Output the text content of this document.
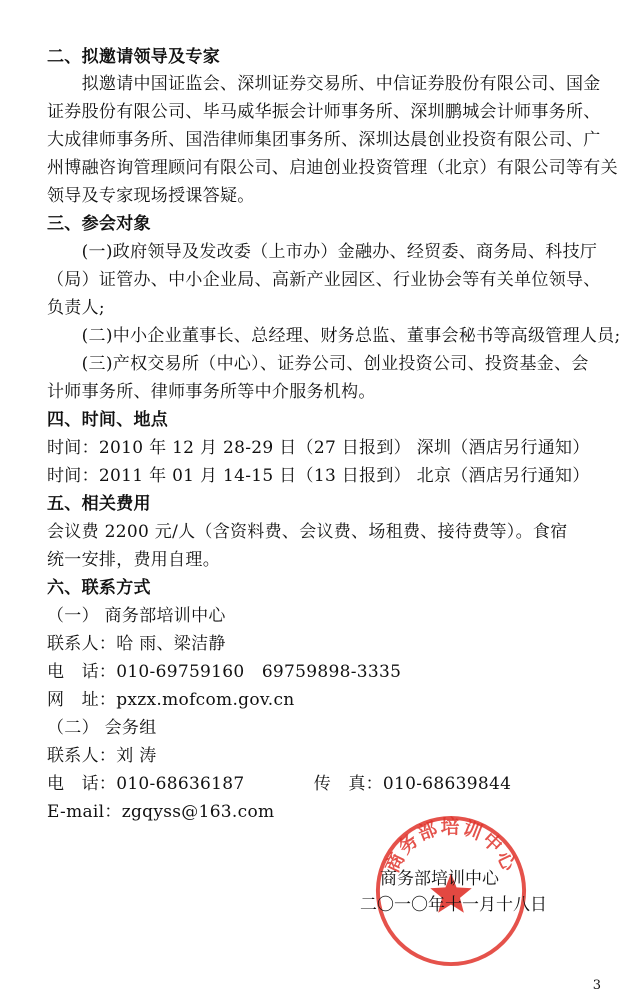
二、拟邀请领导及专家
　　拟邀请中国证监会、深圳证券交易所、中信证券股份有限公司、国金
证券股份有限公司、毕马威华振会计师事务所、深圳鹏城会计师事务所、
大成律师事务所、国浩律师集团事务所、深圳达晨创业投资有限公司、广
州博融咨询管理顾问有限公司、启迪创业投资管理（北京）有限公司等有关
领导及专家现场授课答疑。
三、参会对象
　　(一)政府领导及发改委（上市办）金融办、经贸委、商务局、科技厅
（局）证管办、中小企业局、高新产业园区、行业协会等有关单位领导、
负责人;
　　(二)中小企业董事长、总经理、财务总监、董事会秘书等高级管理人员;
　　(三)产权交易所（中心）、证券公司、创业投资公司、投资基金、会
计师事务所、律师事务所等中介服务机构。
四、时间、地点
时间：2010 年 12 月 28-29 日（27 日报到） 深圳（酒店另行通知）
时间：2011 年 01 月 14-15 日（13 日报到） 北京（酒店另行通知）
五、相关费用
会议费 2200 元/人（含资料费、会议费、场租费、接待费等）。食宿
统一安排，费用自理。
六、联系方式
（一） 商务部培训中心
联系人：哈 雨、梁洁静
电　话：010-69759160　69759898-3335
网　址：pxzx.mofcom.gov.cn
（二） 会务组
联系人：刘 涛
电　话：010-68636187　　　　传　真：010-68639844
E-mail：zgqyss@163.com
商务部培训中心
商务部培训中心
二〇一〇年十一月十八日
3
